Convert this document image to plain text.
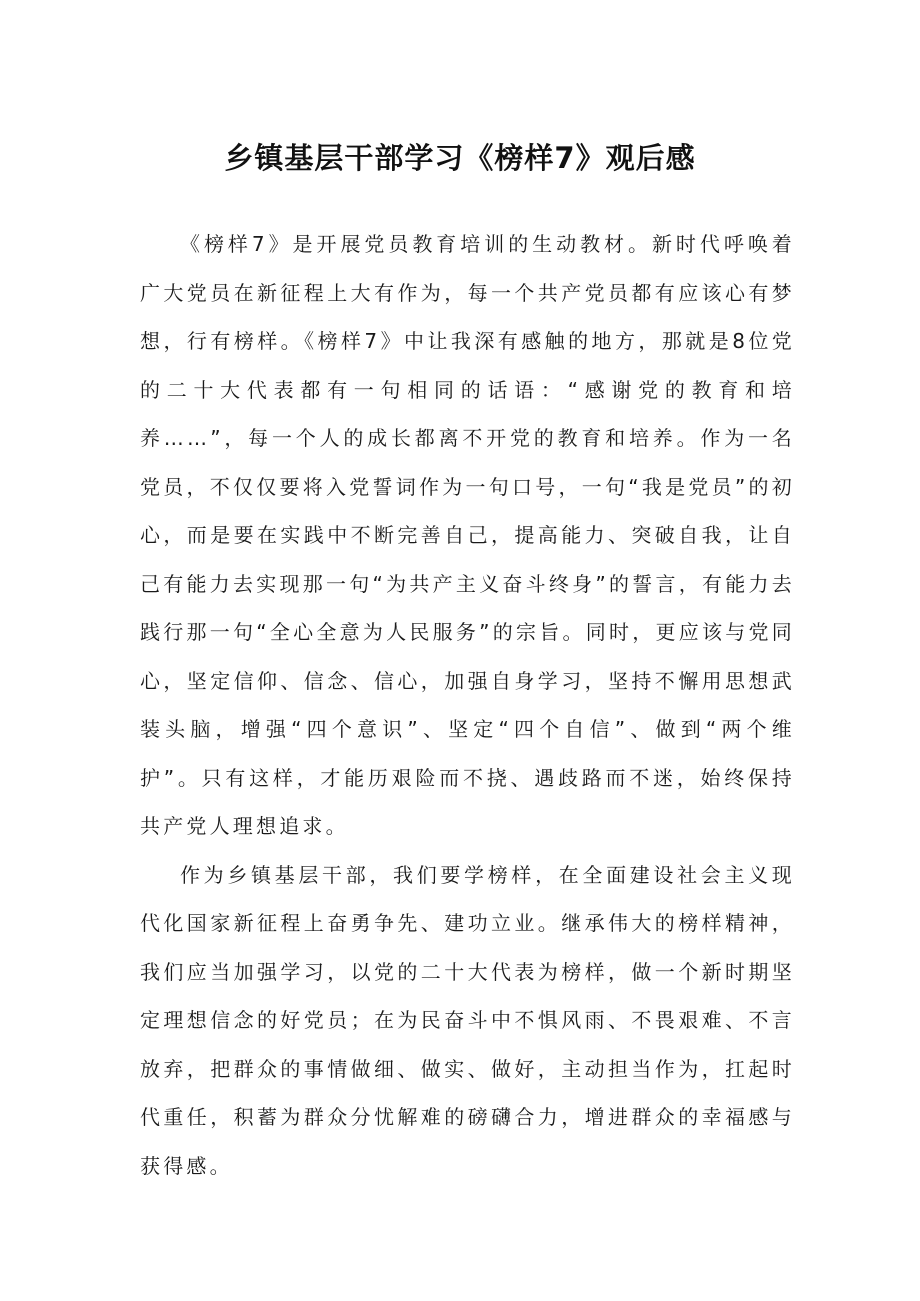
乡镇基层干部学习《榜样7》观后感

《榜样7》是开展党员教育培训的生动教材。新时代呼唤着广大党员在新征程上大有作为，每一个共产党员都有应该心有梦想，行有榜样。《榜样7》中让我深有感触的地方，那就是8位党的二十大代表都有一句相同的话语：“感谢党的教育和培养……”，每一个人的成长都离不开党的教育和培养。作为一名党员，不仅仅要将入党誓词作为一句口号，一句“我是党员”的初心，而是要在实践中不断完善自己，提高能力、突破自我，让自己有能力去实现那一句“为共产主义奋斗终身”的誓言，有能力去践行那一句“全心全意为人民服务”的宗旨。同时，更应该与党同心，坚定信仰、信念、信心，加强自身学习，坚持不懈用思想武装头脑，增强“四个意识”、坚定“四个自信”、做到“两个维护”。只有这样，才能历艰险而不挠、遇歧路而不迷，始终保持共产党人理想追求。

作为乡镇基层干部，我们要学榜样，在全面建设社会主义现代化国家新征程上奋勇争先、建功立业。继承伟大的榜样精神，我们应当加强学习，以党的二十大代表为榜样，做一个新时期坚定理想信念的好党员；在为民奋斗中不惧风雨、不畏艰难、不言放弃，把群众的事情做细、做实、做好，主动担当作为，扛起时代重任，积蓄为群众分忧解难的磅礴合力，增进群众的幸福感与获得感。
